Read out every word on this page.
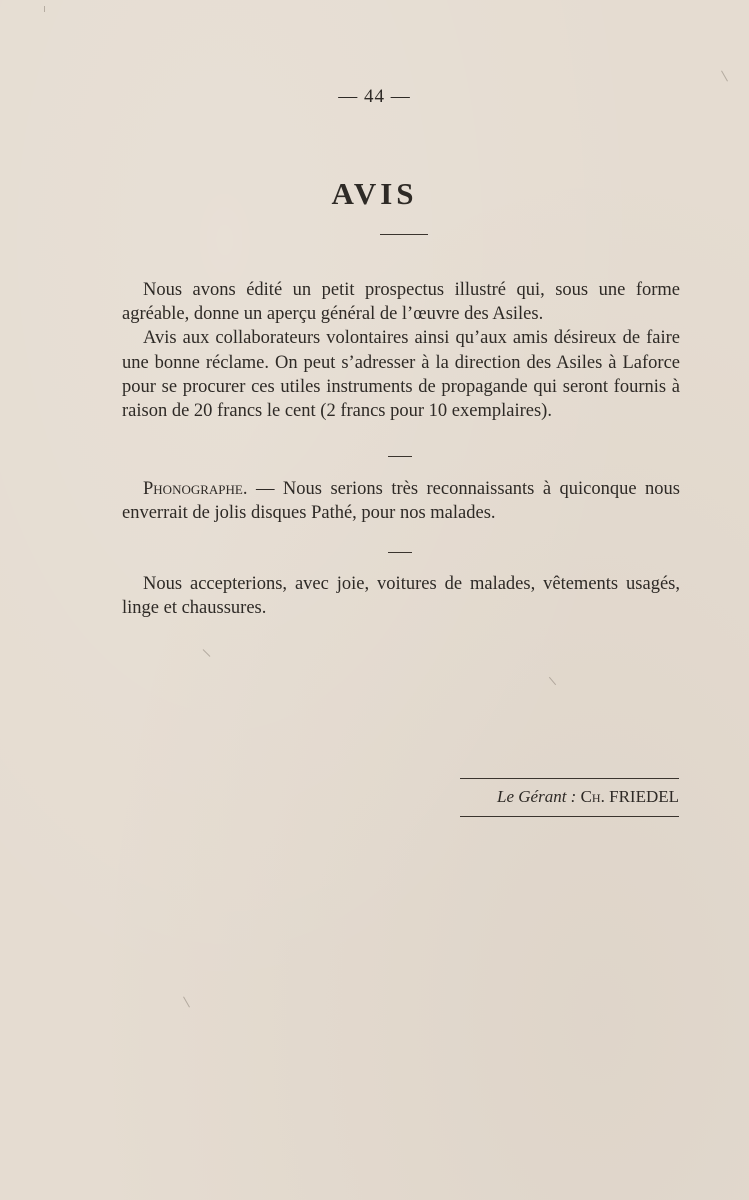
— 44 —
AVIS

Nous avons édité un petit prospectus illustré qui, sous une forme agréable, donne un aperçu général de l’œuvre des Asiles.

Avis aux collaborateurs volontaires ainsi qu’aux amis désireux de faire une bonne réclame. On peut s’adresser à la direction des Asiles à Laforce pour se procurer ces utiles instruments de propagande qui seront fournis à raison de 20 francs le cent (2 francs pour 10 exemplaires).

Phonographe. — Nous serions très reconnaissants à quiconque nous enverrait de jolis disques Pathé, pour nos malades.

Nous accepterions, avec joie, voitures de malades, vêtements usagés, linge et chaussures.

Le Gérant : Ch. FRIEDEL
